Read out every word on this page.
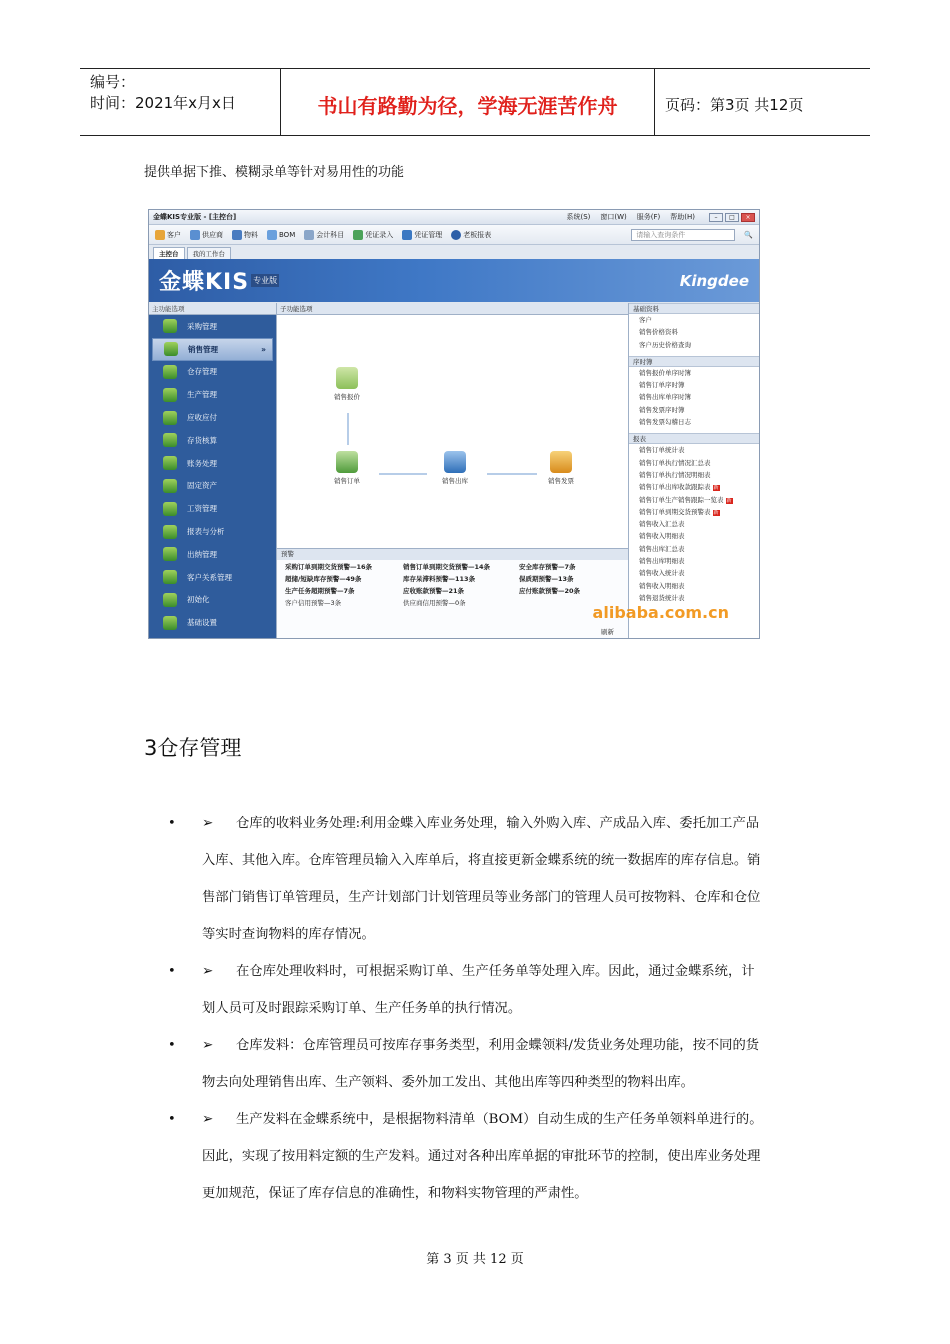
编号：
时间：2021年x月x日	书山有路勤为径，学海无涯苦作舟	页码：第3页 共12页
提供单据下推、模糊录单等针对易用性的功能
金蝶KIS专业版 - [主控台]	系统(S) 窗口(W) 服务(F) 帮助(H)	–	□	×
客户	供应商	物料	BOM	会计科目	凭证录入	凭证管理	老板报表	请输入查询条件	🔍
主控台	我的工作台
金蝶KIS 专业版	Kingdee
主功能选项
采购管理
销售管理	»
仓存管理
生产管理
应收应付
存货核算
账务处理
固定资产
工资管理
报表与分析
出纳管理
客户关系管理
初始化
基础设置
子功能选项
销售报价
销售订单	销售出库	销售发票
预警
采购订单到期交货预警—16条	销售订单到期交货预警—14条	安全库存预警—7条
超储/短缺库存预警—49条	库存呆滞料预警—113条	保质期预警—13条
生产任务超期预警—7条	应收账款预警—21条	应付账款预警—20条
客户信用预警—3条	供应商信用预警—0条
刷新
基础资料
客户
销售价格资料
客户历史价格查询
序时簿
销售报价单序时簿
销售订单序时簿
销售出库单序时簿
销售发票序时簿
销售发票勾稽日志
报表
销售订单统计表
销售订单执行情况汇总表
销售订单执行情况明细表
销售订单出库收款跟踪表 新
销售订单生产销售跟踪一览表 新
销售订单到期交货预警表 新
销售收入汇总表
销售收入明细表
销售出库汇总表
销售出库明细表
销售收入统计表
销售收入明细表
销售退货统计表
alibaba.com.cn
3仓存管理
• ➢	仓库的收料业务处理:利用金蝶入库业务处理，输入外购入库、产成品入库、委托加工产品
入库、其他入库。仓库管理员输入入库单后，将直接更新金蝶系统的统一数据库的库存信息。销
售部门销售订单管理员，生产计划部门计划管理员等业务部门的管理人员可按物料、仓库和仓位
等实时查询物料的库存情况。
• ➢	在仓库处理收料时，可根据采购订单、生产任务单等处理入库。因此，通过金蝶系统，计
划人员可及时跟踪采购订单、生产任务单的执行情况。
• ➢	仓库发料：仓库管理员可按库存事务类型，利用金蝶领料/发货业务处理功能，按不同的货
物去向处理销售出库、生产领料、委外加工发出、其他出库等四种类型的物料出库。
• ➢	生产发料在金蝶系统中，是根据物料清单（BOM）自动生成的生产任务单领料单进行的。
因此，实现了按用料定额的生产发料。通过对各种出库单据的审批环节的控制，使出库业务处理
更加规范，保证了库存信息的准确性，和物料实物管理的严肃性。
第 3 页 共 12 页
